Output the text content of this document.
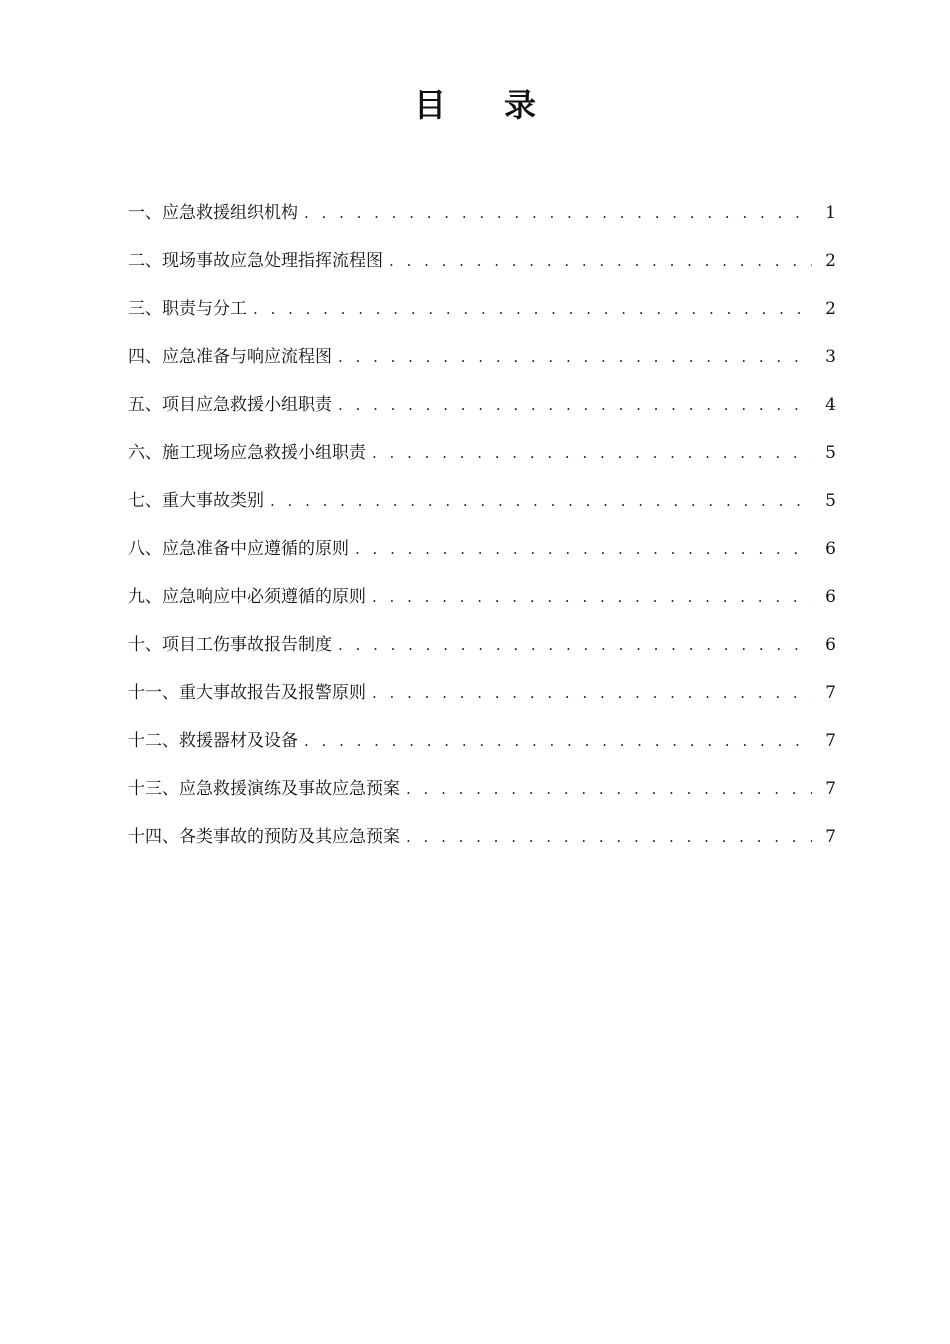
目 录
一、应急救援组织机构 . . .	1
二、现场事故应急处理指挥流程图 . . .	2
三、职责与分工 . . .	2
四、应急准备与响应流程图 . . .	3
五、项目应急救援小组职责 . . .	4
六、施工现场应急救援小组职责 . . .	5
七、重大事故类别 . . .	5
八、应急准备中应遵循的原则 . . .	6
九、应急响应中必须遵循的原则 . . .	6
十、项目工伤事故报告制度 . . .	6
十一、重大事故报告及报警原则 . . .	7
十二、救援器材及设备 . . .	7
十三、应急救援演练及事故应急预案 . . .	7
十四、各类事故的预防及其应急预案 . . .	7
